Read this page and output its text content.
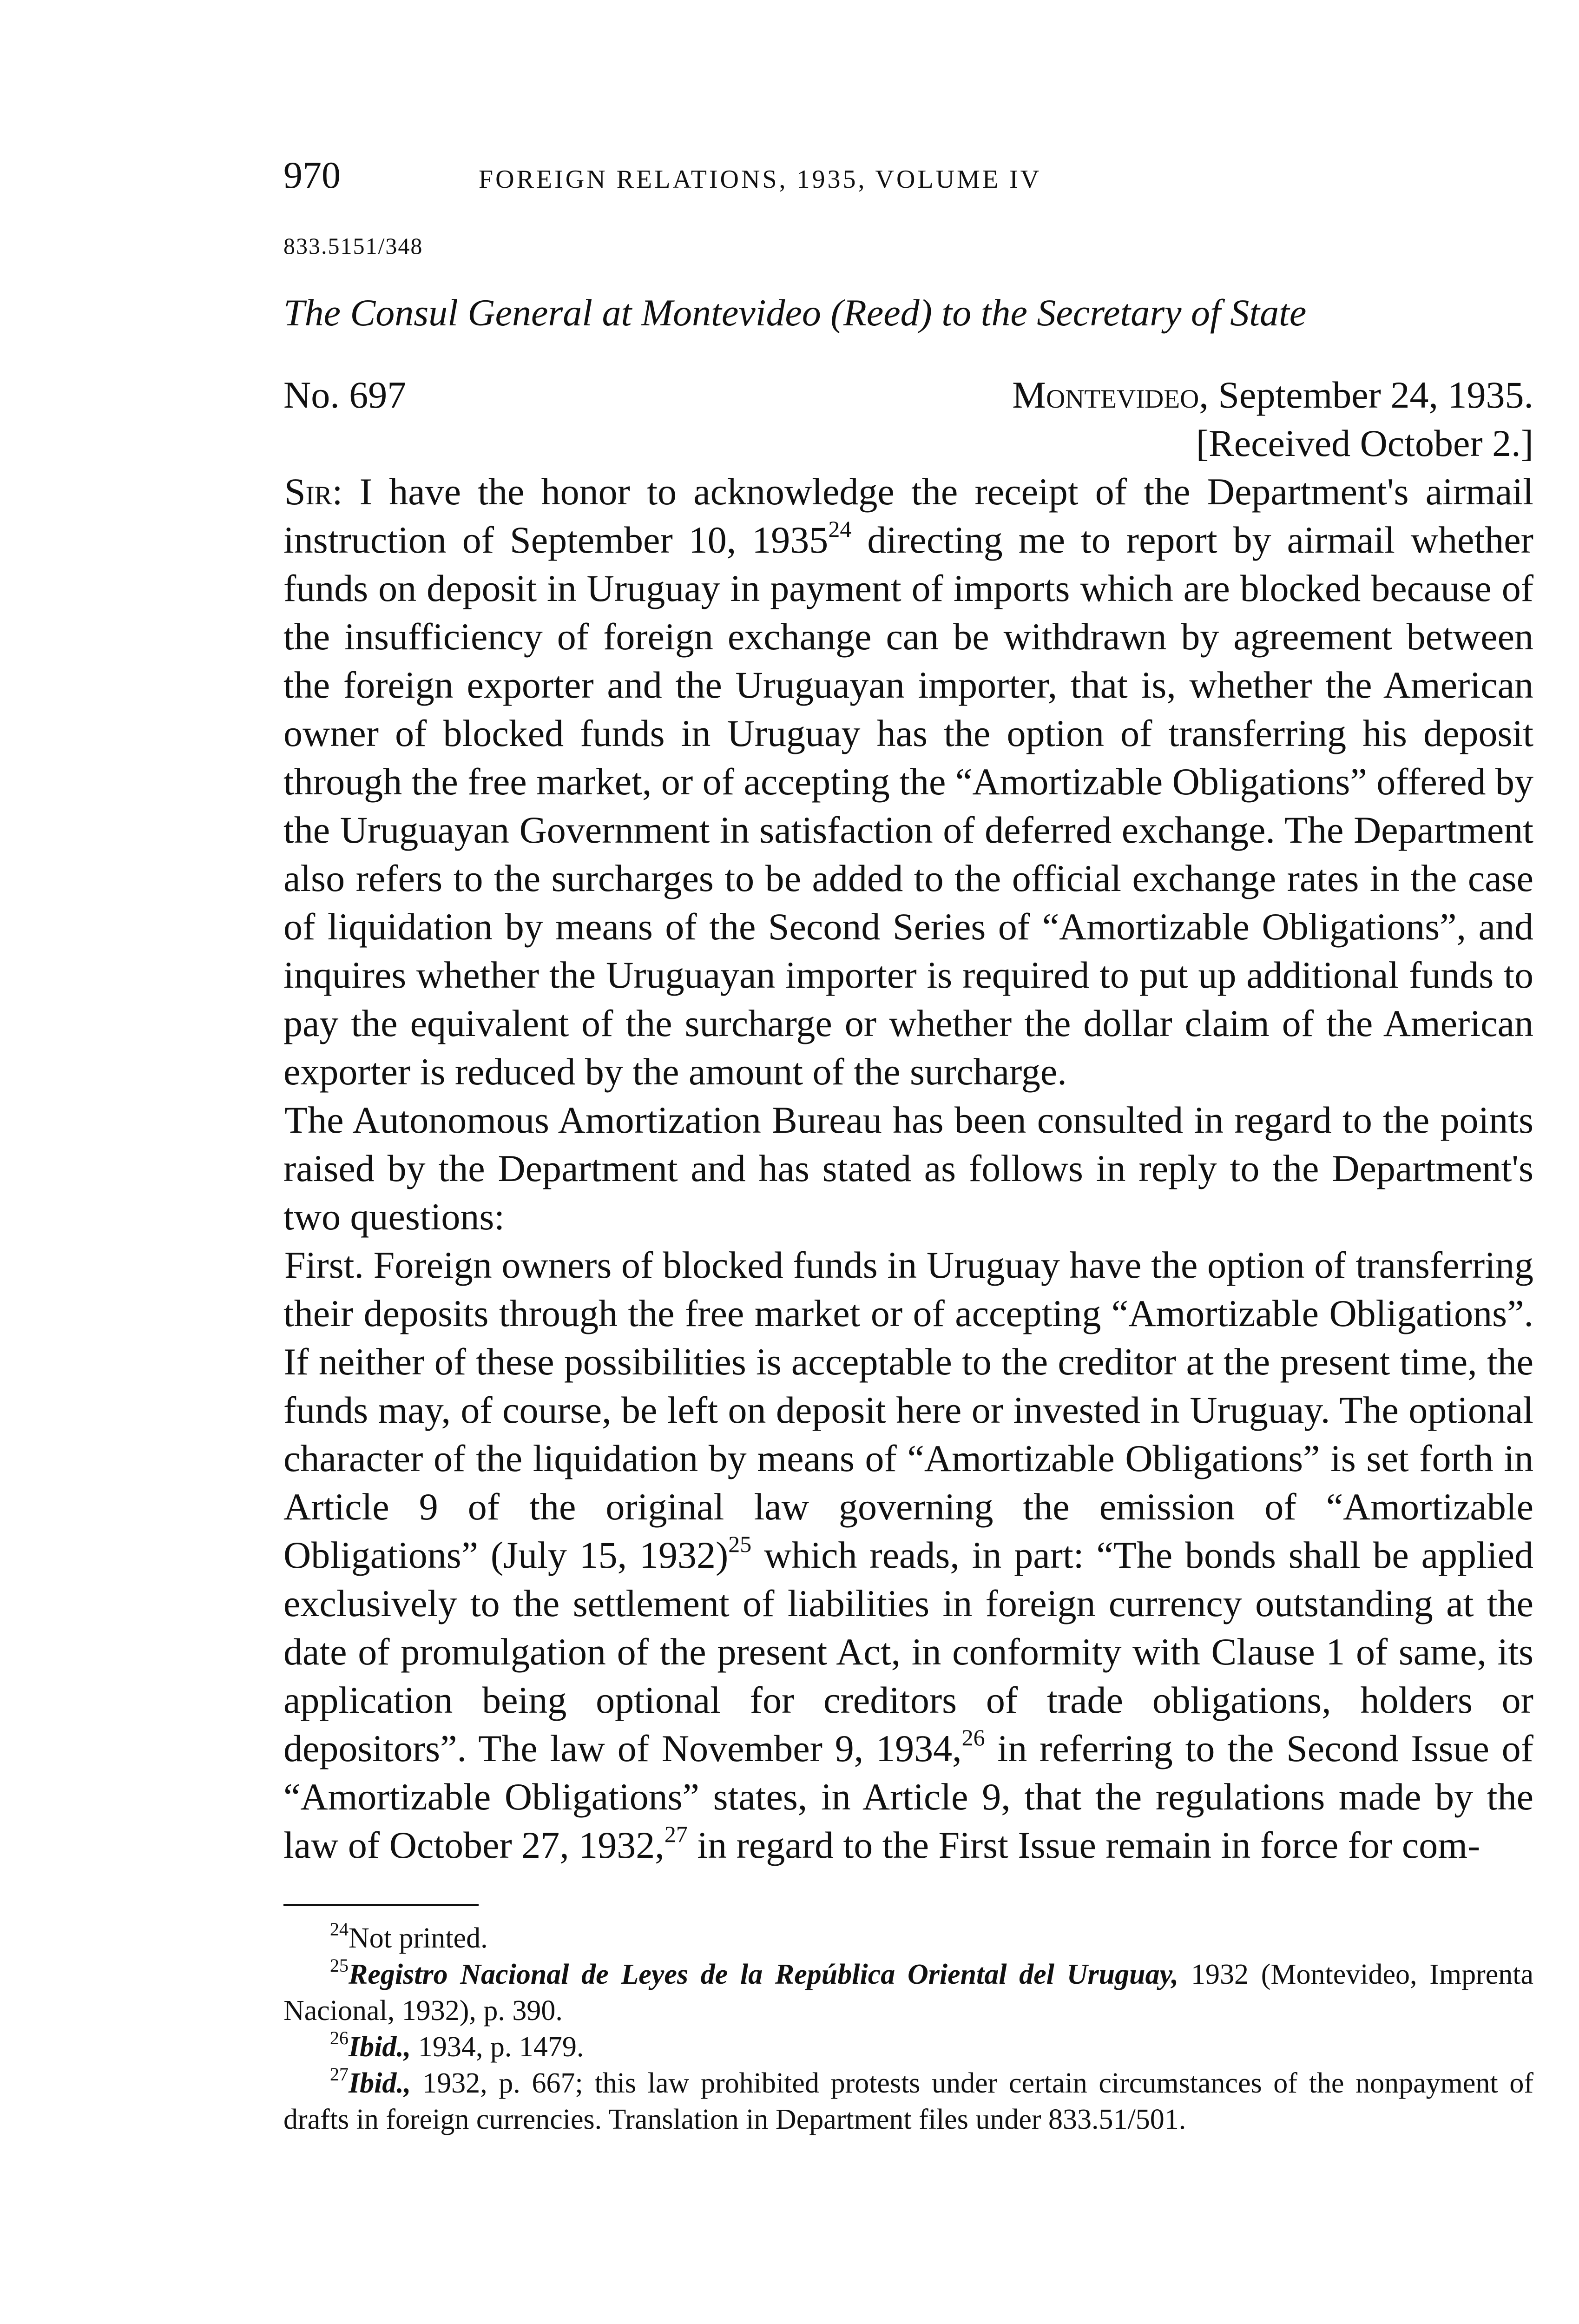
970	FOREIGN RELATIONS, 1935, VOLUME IV
833.5151/348
The Consul General at Montevideo (Reed) to the Secretary of State
No. 697	Montevideo, September 24, 1935.
[Received October 2.]

Sir: I have the honor to acknowledge the receipt of the Department's airmail instruction of September 10, 1935$^{24}$ directing me to report by airmail whether funds on deposit in Uruguay in payment of imports which are blocked because of the insufficiency of foreign exchange can be withdrawn by agreement between the foreign exporter and the Uruguayan importer, that is, whether the American owner of blocked funds in Uruguay has the option of transferring his deposit through the free market, or of accepting the “Amortizable Obligations” offered by the Uruguayan Government in satisfaction of deferred exchange. The Department also refers to the surcharges to be added to the official exchange rates in the case of liquidation by means of the Second Series of “Amortizable Obligations”, and inquires whether the Uruguayan importer is required to put up additional funds to pay the equivalent of the surcharge or whether the dollar claim of the American exporter is reduced by the amount of the surcharge.

The Autonomous Amortization Bureau has been consulted in regard to the points raised by the Department and has stated as follows in reply to the Department's two questions:

First. Foreign owners of blocked funds in Uruguay have the option of transferring their deposits through the free market or of accepting “Amortizable Obligations”. If neither of these possibilities is acceptable to the creditor at the present time, the funds may, of course, be left on deposit here or invested in Uruguay. The optional character of the liquidation by means of “Amortizable Obligations” is set forth in Article 9 of the original law governing the emission of “Amortizable Obligations” (July 15, 1932)$^{25}$ which reads, in part: “The bonds shall be applied exclusively to the settlement of liabilities in foreign currency outstanding at the date of promulgation of the present Act, in conformity with Clause 1 of same, its application being optional for creditors of trade obligations, holders or depositors”. The law of November 9, 1934,26 in referring to the Second Issue of “Amortizable Obligations” states, in Article 9, that the regulations made by the law of October 27, 1932,27 in regard to the First Issue remain in force for com-

$^{24}$Not printed.

$^{25}$Registro Nacional de Leyes de la República Oriental del Uruguay, 1932 (Montevideo, Imprenta Nacional, 1932), p. 390.

$^{26}$Ibid., 1934, p. 1479.

$^{27}$Ibid., 1932, p. 667; this law prohibited protests under certain circumstances of the nonpayment of drafts in foreign currencies. Translation in Department files under 833.51/501.
